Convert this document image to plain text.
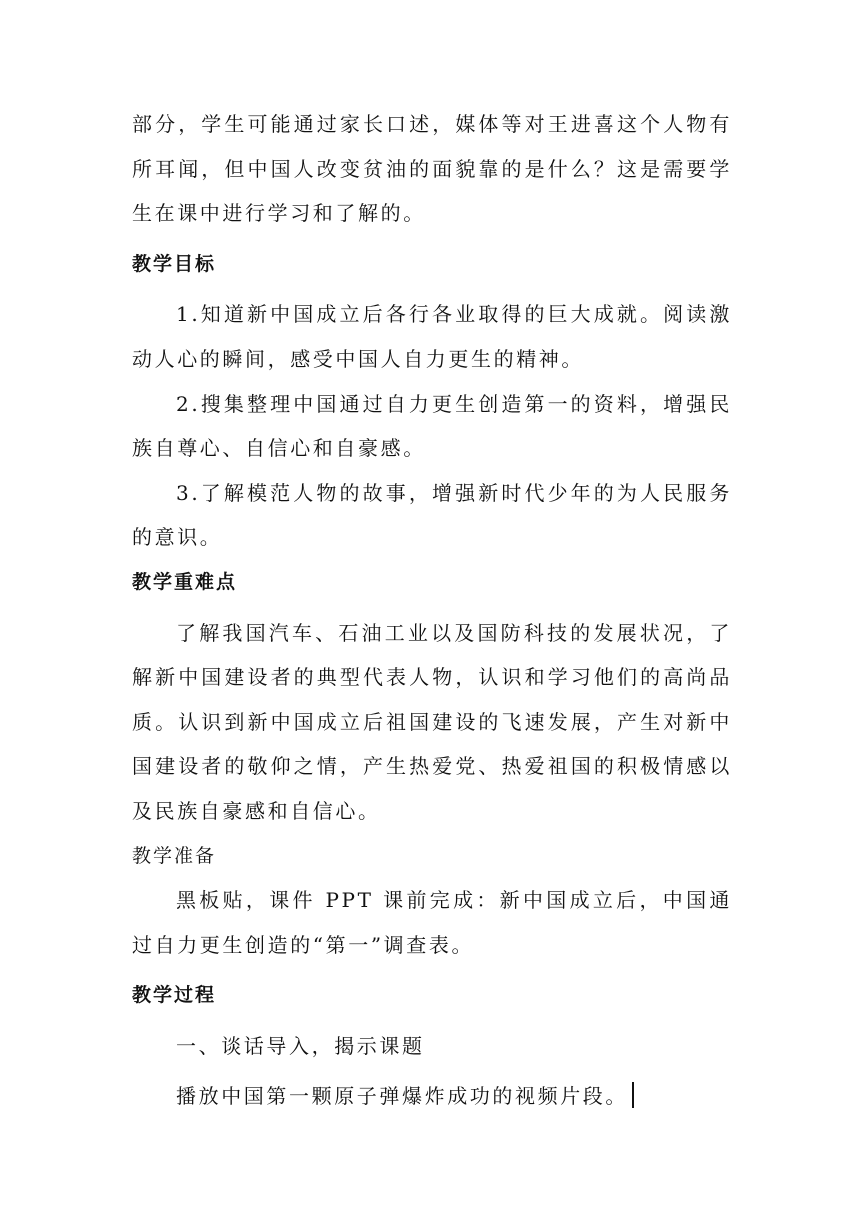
部分，学生可能通过家长口述，媒体等对王进喜这个人物有所耳闻，但中国人改变贫油的面貌靠的是什么？这是需要学生在课中进行学习和了解的。

教学目标

1.知道新中国成立后各行各业取得的巨大成就。阅读激动人心的瞬间，感受中国人自力更生的精神。

2.搜集整理中国通过自力更生创造第一的资料，增强民族自尊心、自信心和自豪感。

3.了解模范人物的故事，增强新时代少年的为人民服务的意识。

教学重难点

了解我国汽车、石油工业以及国防科技的发展状况，了解新中国建设者的典型代表人物，认识和学习他们的高尚品质。认识到新中国成立后祖国建设的飞速发展，产生对新中国建设者的敬仰之情，产生热爱党、热爱祖国的积极情感以及民族自豪感和自信心。

教学准备

黑板贴，课件 PPT 课前完成：新中国成立后，中国通过自力更生创造的“第一”调查表。

教学过程

一、谈话导入，揭示课题

播放中国第一颗原子弹爆炸成功的视频片段。
